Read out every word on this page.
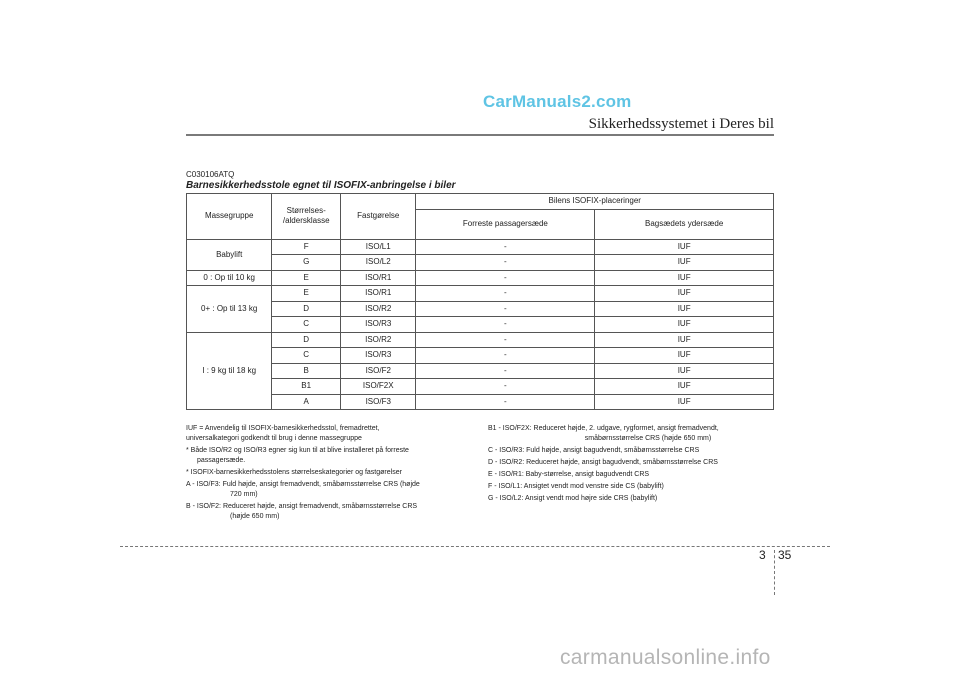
CarManuals2.com
Sikkerhedssystemet i Deres bil
C030106ATQ
Barnesikkerhedsstole egnet til ISOFIX-anbringelse i biler
Massegruppe	Størrelses-
/aldersklasse	Fastgørelse	Bilens ISOFIX-placeringer	
			Forreste passagersæde	Bagsædets ydersæde
Babylift	F	ISO/L1	-	IUF
	G	ISO/L2	-	IUF
0 : Op til 10 kg	E	ISO/R1	-	IUF
0+ : Op til 13 kg	E	ISO/R1	-	IUF
	D	ISO/R2	-	IUF
	C	ISO/R3	-	IUF
I : 9 kg til 18 kg	D	ISO/R2	-	IUF
	C	ISO/R3	-	IUF
	B	ISO/F2	-	IUF
	B1	ISO/F2X	-	IUF
	A	ISO/F3	-	IUF
IUF = Anvendelig til ISOFIX-barnesikkerhedsstol, fremadrettet,
universalkategori godkendt til brug i denne massegruppe
* Både ISO/R2 og ISO/R3 egner sig kun til at blive installeret på forreste
passagersæde.
* ISOFIX-barnesikkerhedsstolens størrelseskategorier og fastgørelser
A - ISO/F3: Fuld højde, ansigt fremadvendt, småbørnsstørrelse CRS (højde
720 mm)
B - ISO/F2: Reduceret højde, ansigt fremadvendt, småbørnsstørrelse CRS
(højde 650 mm)
B1 - ISO/F2X: Reduceret højde, 2. udgave, rygformet, ansigt fremadvendt,
småbørnsstørrelse CRS (højde 650 mm)
C - ISO/R3: Fuld højde, ansigt bagudvendt, småbørnsstørrelse CRS
D - ISO/R2: Reduceret højde, ansigt bagudvendt, småbørnsstørrelse CRS
E - ISO/R1: Baby-størrelse, ansigt bagudvendt CRS
F - ISO/L1: Ansigtet vendt mod venstre side CS (babylift)
G - ISO/L2: Ansigt vendt mod højre side CRS (babylift)
3 35
carmanualsonline.info
